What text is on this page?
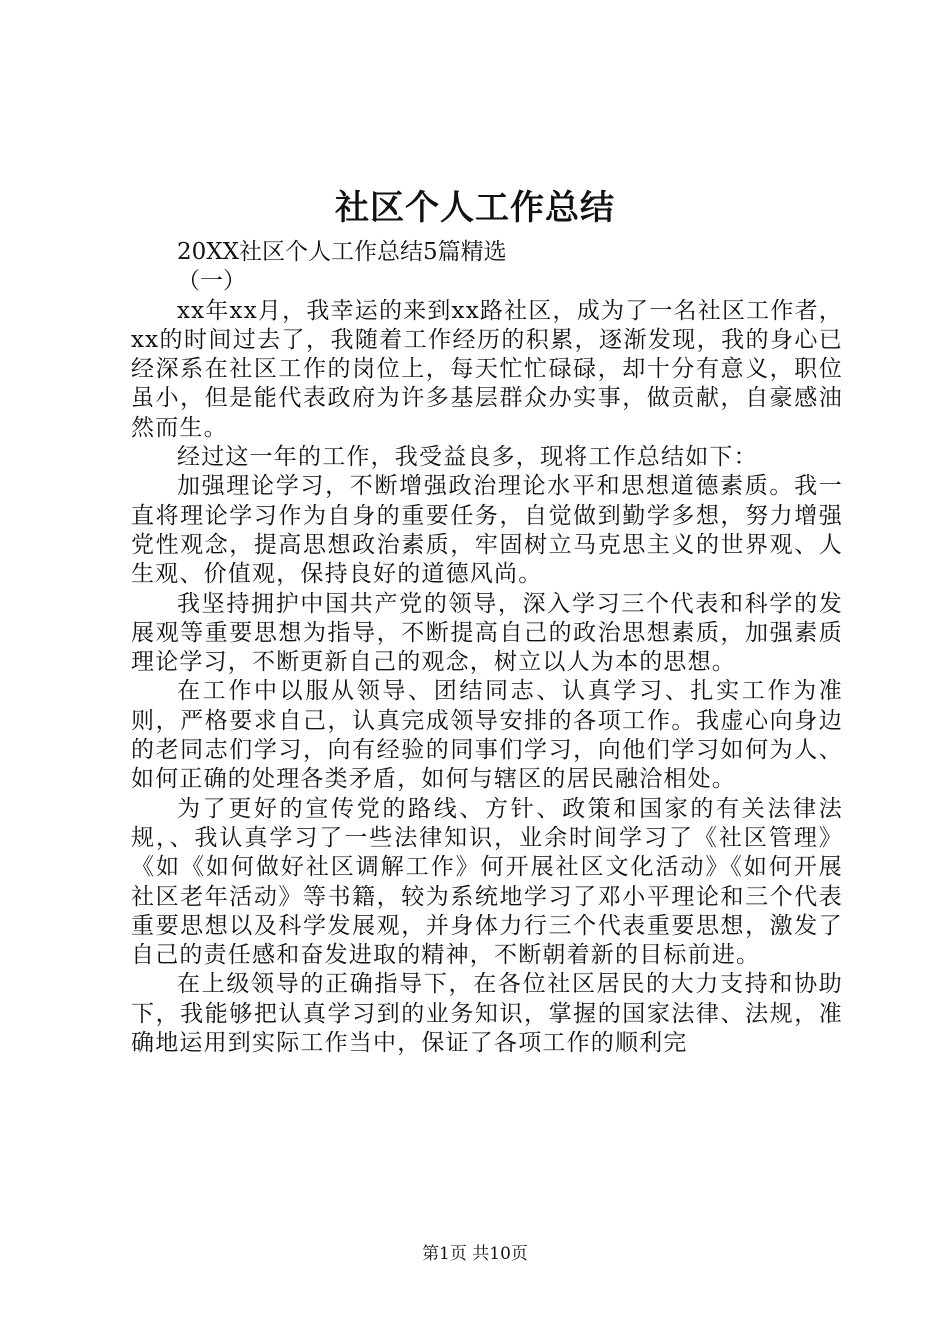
社区个人工作总结

20XX社区个人工作总结5篇精选

（一）

xx年xx月，我幸运的来到xx路社区，成为了一名社区工作者，xx的时间过去了，我随着工作经历的积累，逐渐发现，我的身心已经深系在社区工作的岗位上，每天忙忙碌碌，却十分有意义，职位虽小，但是能代表政府为许多基层群众办实事，做贡献，自豪感油然而生。

经过这一年的工作，我受益良多，现将工作总结如下：

加强理论学习，不断增强政治理论水平和思想道德素质。我一直将理论学习作为自身的重要任务，自觉做到勤学多想，努力增强党性观念，提高思想政治素质，牢固树立马克思主义的世界观、人生观、价值观，保持良好的道德风尚。

我坚持拥护中国共产党的领导，深入学习三个代表和科学的发展观等重要思想为指导，不断提高自己的政治思想素质，加强素质理论学习，不断更新自己的观念，树立以人为本的思想。

在工作中以服从领导、团结同志、认真学习、扎实工作为准则，严格要求自己，认真完成领导安排的各项工作。我虚心向身边的老同志们学习，向有经验的同事们学习，向他们学习如何为人、如何正确的处理各类矛盾，如何与辖区的居民融洽相处。

为了更好的宣传党的路线、方针、政策和国家的有关法律法规，、我认真学习了一些法律知识，业余时间学习了《社区管理》《如《如何做好社区调解工作》何开展社区文化活动》《如何开展社区老年活动》等书籍，较为系统地学习了邓小平理论和三个代表重要思想以及科学发展观，并身体力行三个代表重要思想，激发了自己的责任感和奋发进取的精神，不断朝着新的目标前进。

在上级领导的正确指导下，在各位社区居民的大力支持和协助下，我能够把认真学习到的业务知识，掌握的国家法律、法规，准确地运用到实际工作当中，保证了各项工作的顺利完

第1页 共10页
